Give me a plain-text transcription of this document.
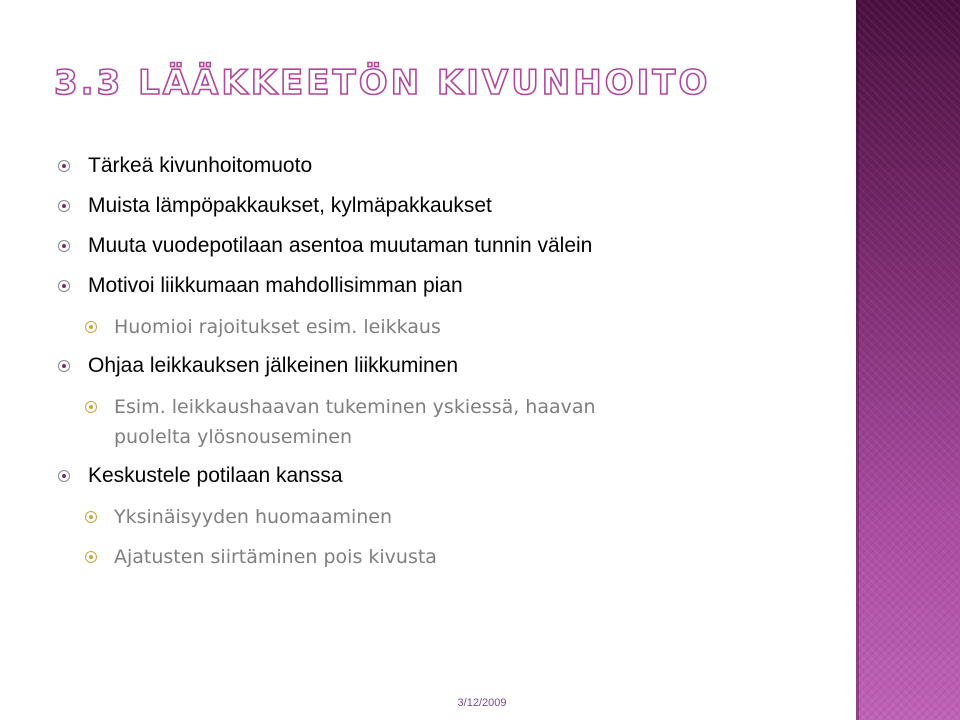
3.3 LÄÄKKEETÖN KIVUNHOITO
Tärkeä kivunhoitomuoto
Muista lämpöpakkaukset, kylmäpakkaukset
Muuta vuodepotilaan asentoa muutaman tunnin välein
Motivoi liikkumaan mahdollisimman pian
Huomioi rajoitukset esim. leikkaus
Ohjaa leikkauksen jälkeinen liikkuminen
Esim. leikkaushaavan tukeminen yskiessä, haavan puolelta ylösnouseminen
Keskustele potilaan kanssa
Yksinäisyyden huomaaminen
Ajatusten siirtäminen pois kivusta
3/12/2009
